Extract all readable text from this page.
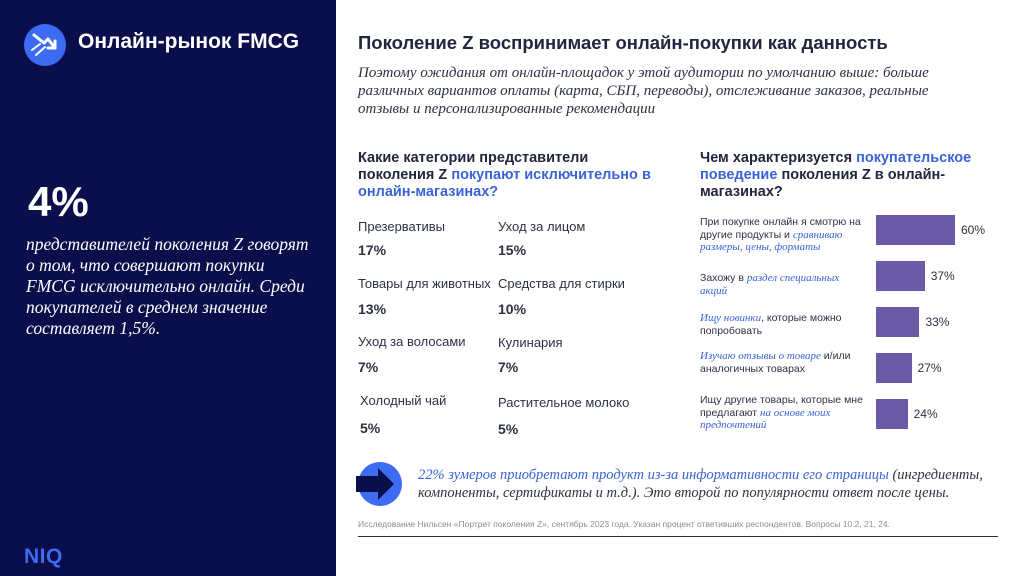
Онлайн-рынок FMCG
4%
представителей поколения Z говорят о том, что совершают покупки FMCG исключительно онлайн. Среди покупателей в среднем значение составляет 1,5%.
NIQ
Поколение Z воспринимает онлайн-покупки как данность
Поэтому ожидания от онлайн-площадок у этой аудитории по умолчанию выше: больше различных вариантов оплаты (карта, СБП, переводы), отслеживание заказов, реальные отзывы и персонализированные рекомендации
Какие категории представители поколения Z покупают исключительно в онлайн-магазинах?
Презервативы
17%
Уход за лицом
15%
Товары для животных
13%
Средства для стирки
10%
Уход за волосами
7%
Кулинария
7%
Холодный чай
5%
Растительное молоко
5%
Чем характеризуется покупательское поведение поколения Z в онлайн-магазинах?
При покупке онлайн я смотрю на другие продукты и сравниваю размеры, цены, форматы
60%
Захожу в раздел специальных акций
37%
Ищу новинки, которые можно попробовать
33%
Изучаю отзывы о товаре и/или аналогичных товарах	27%
Ищу другие товары, которые мне предлагают на основе моих предпочтений
24%
22% зумеров приобретают продукт из-за информативности его страницы (ингредиенты, компоненты, сертификаты и т.д.). Это второй по популярности ответ после цены.
Исследование Нильсен «Портрет поколения Z», сентябрь 2023 года. Указан процент ответивших респондентов. Вопросы 10.2, 21, 24.
